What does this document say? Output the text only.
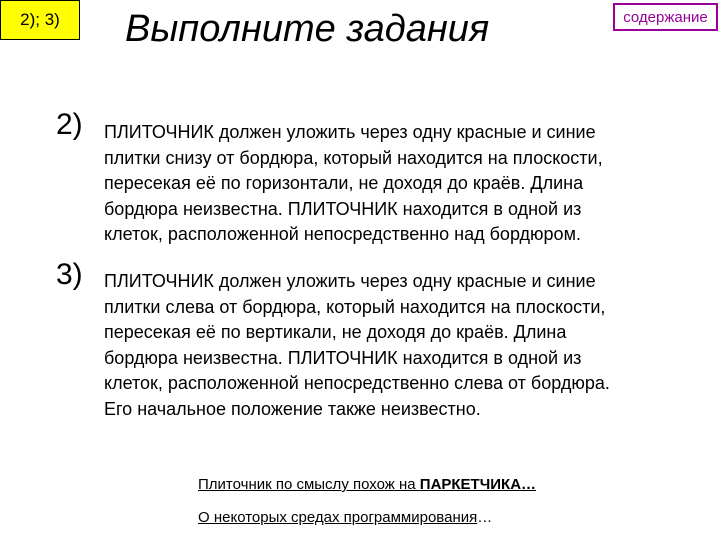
2); 3)	Выполните задания	содержание
2) ПЛИТОЧНИК должен уложить через одну красные и синие
плитки снизу от бордюра, который находится на плоскости,
пересекая её по горизонтали, не доходя до краёв. Длина
бордюра неизвестна. ПЛИТОЧНИК находится в одной из
клеток, расположенной непосредственно над бордюром.
3) ПЛИТОЧНИК должен уложить через одну красные и синие
плитки слева от бордюра, который находится на плоскости,
пересекая её по вертикали, не доходя до краёв. Длина
бордюра неизвестна. ПЛИТОЧНИК находится в одной из
клеток, расположенной непосредственно слева от бордюра.
Его начальное положение также неизвестно.
Плиточник по смыслу похож на ПАРКЕТЧИКА…
О некоторых средах программирования…
